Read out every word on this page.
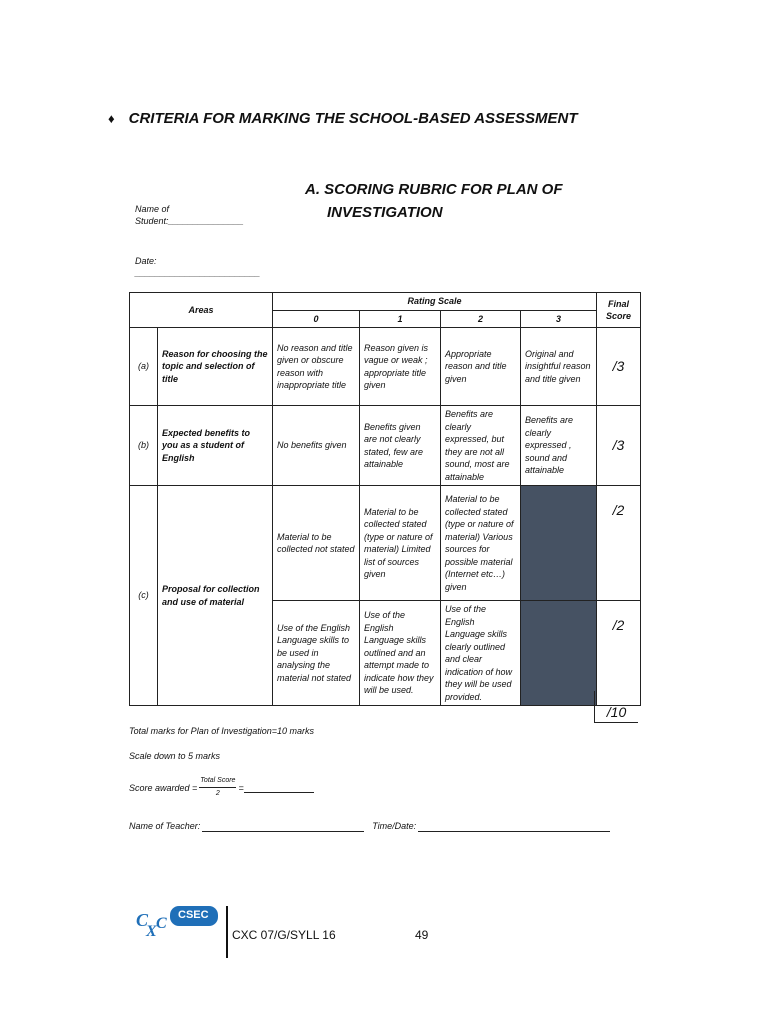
♦ CRITERIA FOR MARKING THE SCHOOL-BASED ASSESSMENT
A. SCORING RUBRIC FOR PLAN OF
INVESTIGATION
Name of
Student:_______________
Date:
_________________________
Areas		Rating Scale				Final
Score

		0	1	2	3	
(a)	Reason for choosing the topic and selection of title	No reason and title given or obscure reason with inappropriate title	Reason given is vague or weak ; appropriate title given	Appropriate reason and title given	Original and insightful reason and title given	/3
(b)	Expected benefits to you as a student of English	No benefits given	Benefits given are not clearly stated, few are attainable	Benefits are clearly expressed, but they are not all sound, most are attainable	Benefits are clearly expressed , sound and attainable	/3
(c)	Proposal for collection and use of material	Material to be collected not stated	Material to be collected stated (type or nature of material) Limited list of sources given	Material to be collected stated (type or nature of material) Various sources for possible material (Internet etc…) given		/2
		Use of the English Language skills to be used in analysing the material not stated	Use of the English Language skills outlined and an attempt made to indicate how they will be used.	Use of the English Language skills clearly outlined and clear indication of how they will be used provided.		/2
/10
Total marks for Plan of Investigation=10 marks
Scale down to 5 marks
Score awarded = $\frac{\text{Total Score}}{2}$ =
Name of Teacher:	Time/Date:
C
X C CSEC
CXC 07/G/SYLL 16	49
